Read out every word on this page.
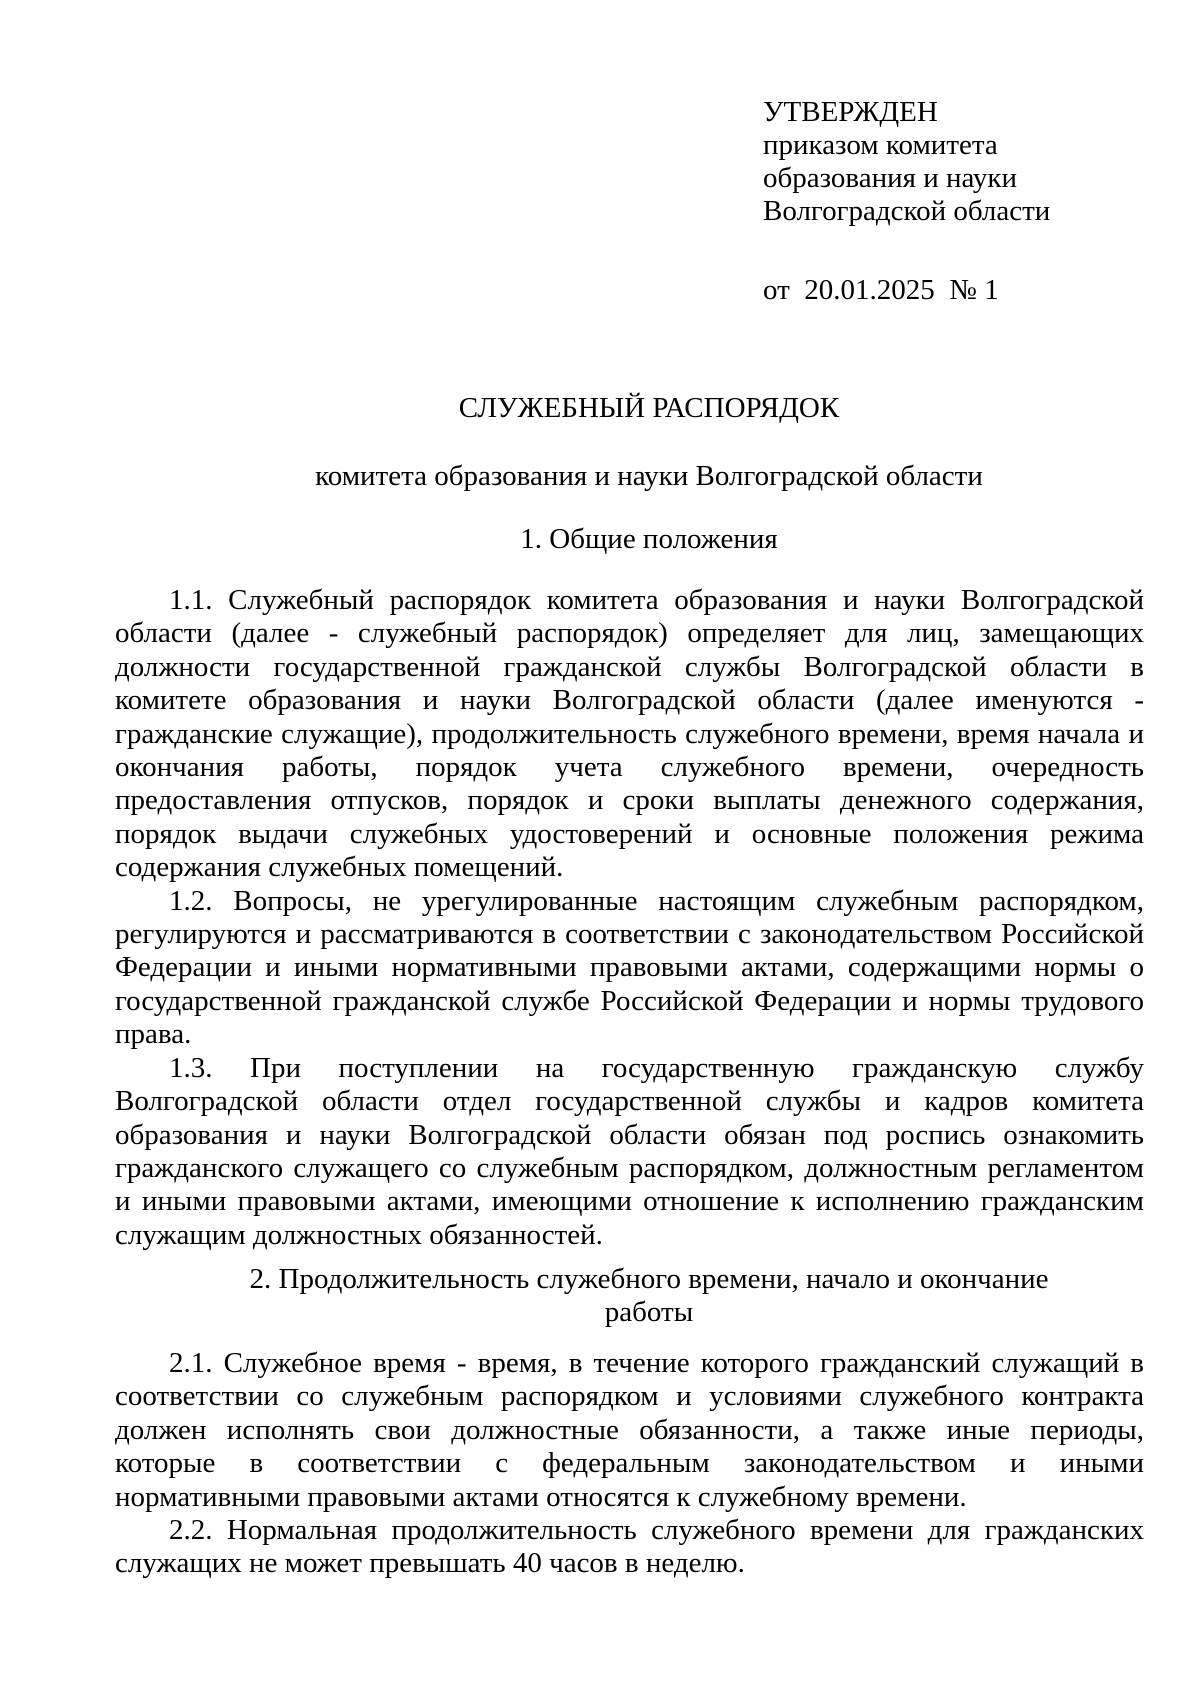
УТВЕРЖДЕН
приказом комитета
образования и науки
Волгоградской области
от  20.01.2025  № 1
СЛУЖЕБНЫЙ РАСПОРЯДОК
комитета образования и науки Волгоградской области
1. Общие положения

1.1. Служебный распорядок комитета образования и науки Волгоградской области (далее - служебный распорядок) определяет для лиц, замещающих должности государственной гражданской службы Волгоградской области в комитете образования и науки Волгоградской области (далее именуются - гражданские служащие), продолжительность служебного времени, время начала и окончания работы, порядок учета служебного времени, очередность предоставления отпусков, порядок и сроки выплаты денежного содержания, порядок выдачи служебных удостоверений и основные положения режима содержания служебных помещений.

1.2. Вопросы, не урегулированные настоящим служебным распорядком, регулируются и рассматриваются в соответствии с законодательством Российской Федерации и иными нормативными правовыми актами, содержащими нормы о государственной гражданской службе Российской Федерации и нормы трудового права.

1.3. При поступлении на государственную гражданскую службу Волгоградской области отдел государственной службы и кадров комитета образования и науки Волгоградской области обязан под роспись ознакомить гражданского служащего со служебным распорядком, должностным регламентом и иными правовыми актами, имеющими отношение к исполнению гражданским служащим должностных обязанностей.

2. Продолжительность служебного времени, начало и окончание
работы

2.1. Служебное время - время, в течение которого гражданский служащий в соответствии со служебным распорядком и условиями служебного контракта должен исполнять свои должностные обязанности, а также иные периоды, которые в соответствии с федеральным законодательством и иными нормативными правовыми актами относятся к служебному времени.

2.2. Нормальная продолжительность служебного времени для гражданских служащих не может превышать 40 часов в неделю.
